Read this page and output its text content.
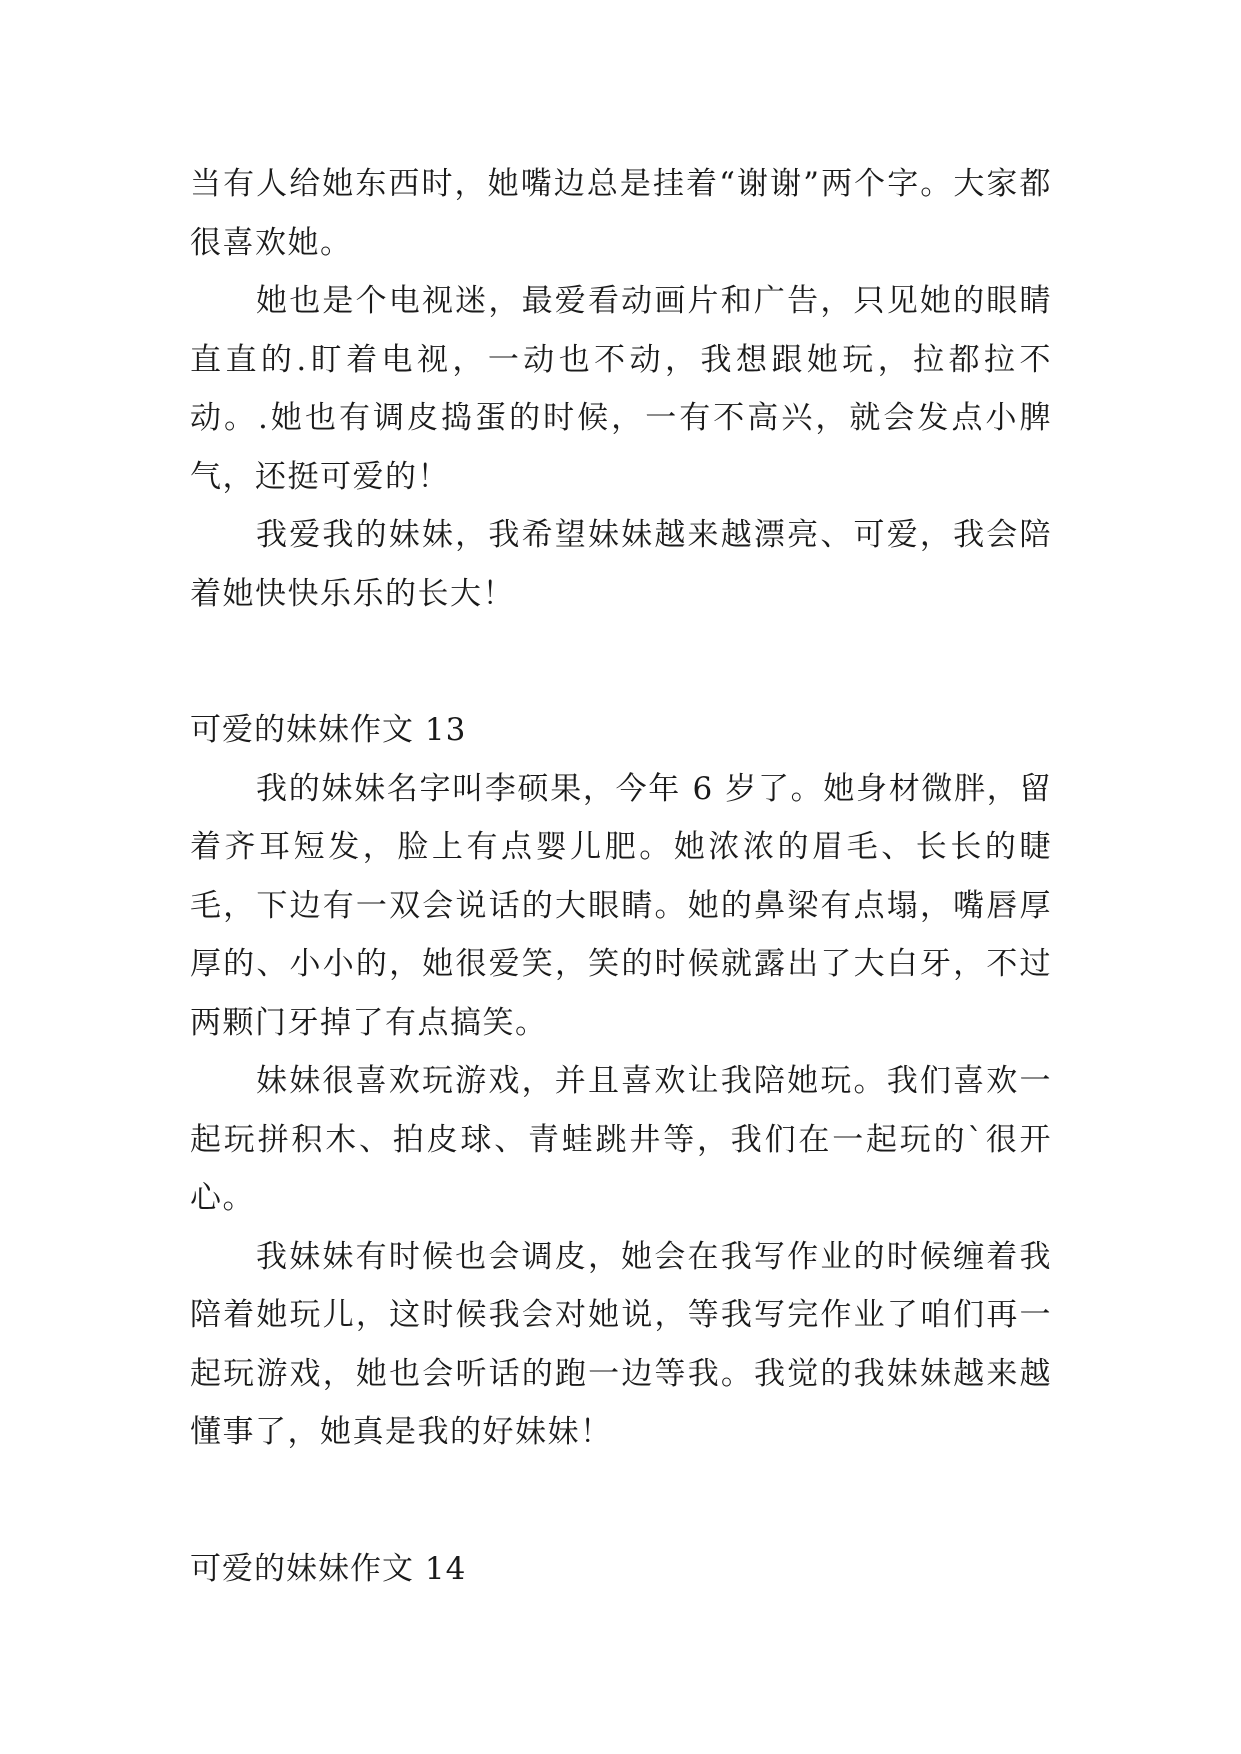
当有人给她东西时，她嘴边总是挂着“谢谢”两个字。大家都很喜欢她。

她也是个电视迷，最爱看动画片和广告，只见她的眼睛直直的.盯着电视，一动也不动，我想跟她玩，拉都拉不动。.她也有调皮捣蛋的时候，一有不高兴，就会发点小脾气，还挺可爱的！

我爱我的妹妹，我希望妹妹越来越漂亮、可爱，我会陪着她快快乐乐的长大！

可爱的妹妹作文 13

我的妹妹名字叫李硕果，今年 6 岁了。她身材微胖，留着齐耳短发，脸上有点婴儿肥。她浓浓的眉毛、长长的睫毛，下边有一双会说话的大眼睛。她的鼻梁有点塌，嘴唇厚厚的、小小的，她很爱笑，笑的时候就露出了大白牙，不过两颗门牙掉了有点搞笑。

妹妹很喜欢玩游戏，并且喜欢让我陪她玩。我们喜欢一起玩拼积木、拍皮球、青蛙跳井等，我们在一起玩的`很开心。

我妹妹有时候也会调皮，她会在我写作业的时候缠着我陪着她玩儿，这时候我会对她说，等我写完作业了咱们再一起玩游戏，她也会听话的跑一边等我。我觉的我妹妹越来越懂事了，她真是我的好妹妹！

可爱的妹妹作文 14
